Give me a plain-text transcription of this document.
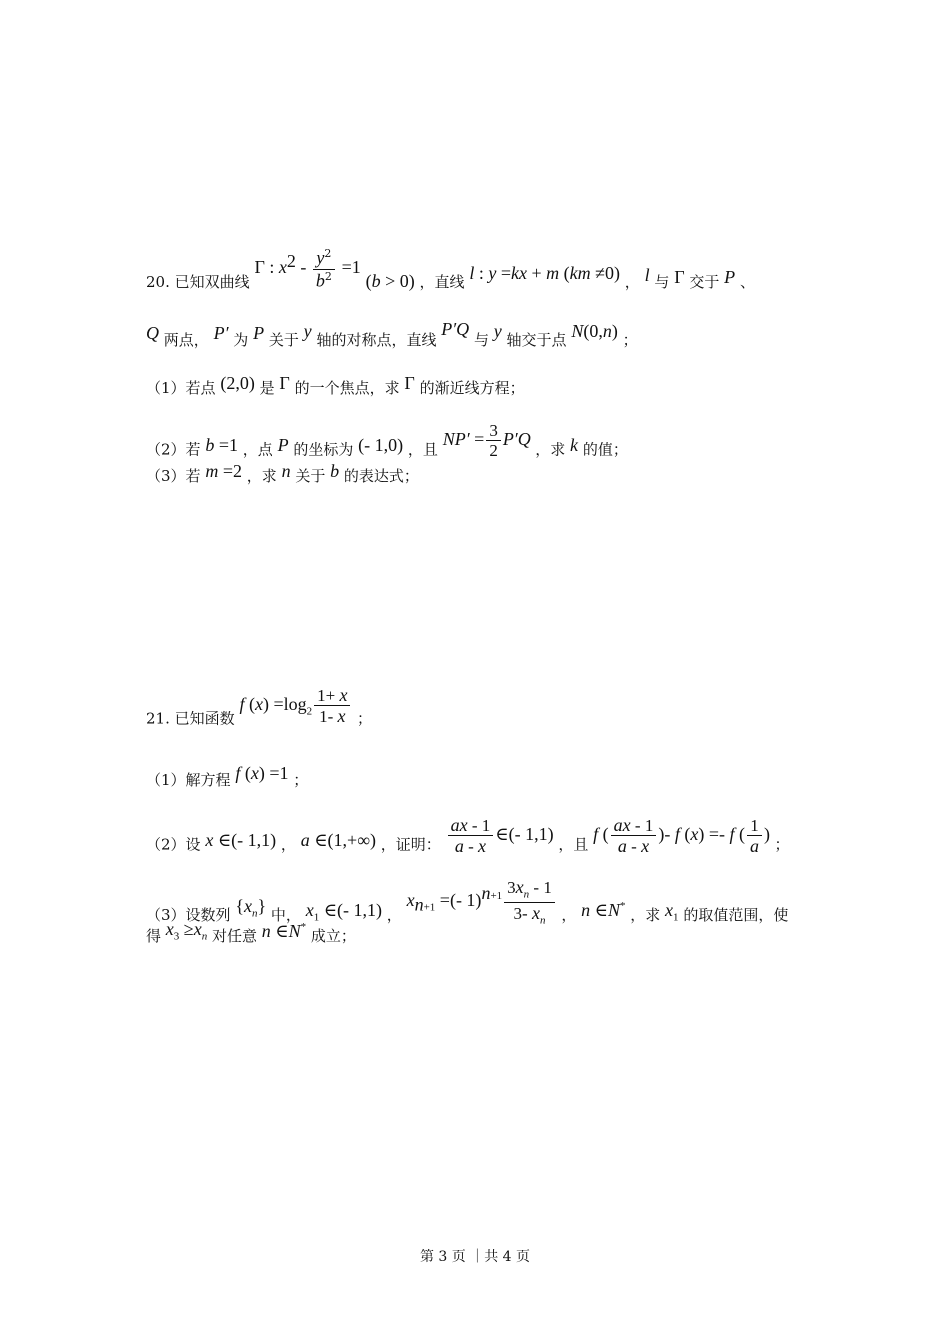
20. 已知双曲线 Γ : $x^2 - \frac{y^2}{b^2} =1$ (b > 0) ，直线 l : y =kx + m (km ≠0) ， l 与 Γ 交于 P 、
Q 两点， P′ 为 P 关于 y 轴的对称点，直线 P′Q 与 y 轴交于点 N(0,n) ；
（1）若点 (2,0) 是 Γ 的一个焦点，求 Γ 的渐近线方程；
（2）若 b =1 ，点 P 的坐标为 (- 1,0) ，且 $NP' = \frac{3}{2} P'Q$ ，求 k 的值；
（3）若 m =2 ，求 n 关于 b 的表达式；
21. 已知函数 f $(x) =\log_2 \frac{1+ x}{1- x}$ ；
（1）解方程 f (x) =1 ；
（2）设 x ∈(- 1,1) ， a ∈(1,+∞) ，证明： $\frac{ax - 1}{a - x}$ ∈(- 1,1) ，且 f ( $\frac{ax - 1}{a - x}$ )- f (x) =- f ( $\frac{1}{a}$ ) ；
（3）设数列 $\{x_n\}$ 中， $x_1$ ∈(- 1,1) ， $x_{n+1}$ =(- $1)^{n+1} \frac{3x_n - 1}{3- x_n}$ ， n ∈N* ，求 $x_1$ 的取值范围，使
得 $x_3 \ge x_n$ 对任意 n ∈N* 成立；
第 3 页 ｜共 4 页
